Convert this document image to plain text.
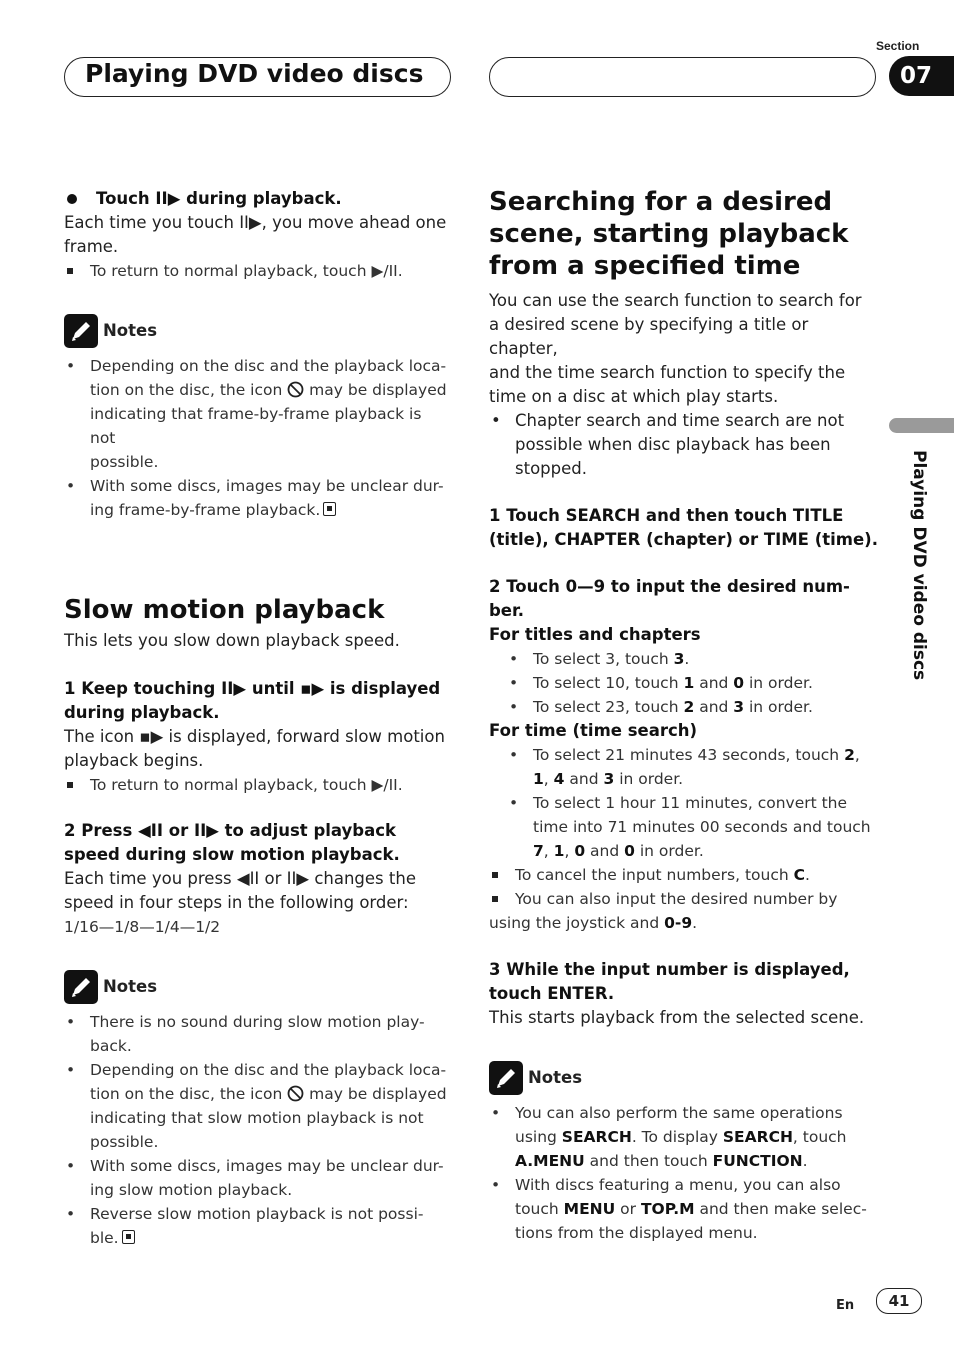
Playing DVD video discs
Section
07
Playing DVD video discs

Touch ⅠⅠ▶ during playback.

Each time you touch ⅠⅠ▶, you move ahead one frame.

To return to normal playback, touch ▶/ⅠⅠ.
Notes
• Depending on the disc and the playback loca-
tion on the disc, the icon  may be displayed
indicating that frame-by-frame playback is not
possible.
• With some discs, images may be unclear dur-
ing frame-by-frame playback.

Slow motion playback

This lets you slow down playback speed.

1 Keep touching ⅠⅠ▶ until ▪▶ is displayed
during playback.

The icon ▪▶ is displayed, forward slow motion
playback begins.

To return to normal playback, touch ▶/ⅠⅠ.

2 Press ◀ⅠⅠ or ⅠⅠ▶ to adjust playback
speed during slow motion playback.

Each time you press ◀ⅠⅠ or ⅠⅠ▶ changes the
speed in four steps in the following order:

1/16—1/8—1/4—1/2

Notes
• There is no sound during slow motion play-
back.
• Depending on the disc and the playback loca-
tion on the disc, the icon  may be displayed
indicating that slow motion playback is not
possible.
• With some discs, images may be unclear dur-
ing slow motion playback.
• Reverse slow motion playback is not possi-
ble.

Searching for a desired
scene, starting playback
from a specified time

You can use the search function to search for
a desired scene by specifying a title or chapter,
and the time search function to specify the
time on a disc at which play starts.

• Chapter search and time search are not
possible when disc playback has been
stopped.

1 Touch SEARCH and then touch TITLE
(title), CHAPTER (chapter) or TIME (time).

2 Touch 0—9 to input the desired num-
ber.

For titles and chapters

• To select 3, touch 3.
• To select 10, touch 1 and 0 in order.
• To select 23, touch 2 and 3 in order.

For time (time search)

• To select 21 minutes 43 seconds, touch 2,
1, 4 and 3 in order.
• To select 1 hour 11 minutes, convert the
time into 71 minutes 00 seconds and touch
7, 1, 0 and 0 in order.
To cancel the input numbers, touch C.
You can also input the desired number by

using the joystick and 0-9.

3 While the input number is displayed,
touch ENTER.

This starts playback from the selected scene.

Notes
• You can also perform the same operations
using SEARCH. To display SEARCH, touch
A.MENU and then touch FUNCTION.
• With discs featuring a menu, you can also
touch MENU or TOP.M and then make selec-
tions from the displayed menu.
En	41
